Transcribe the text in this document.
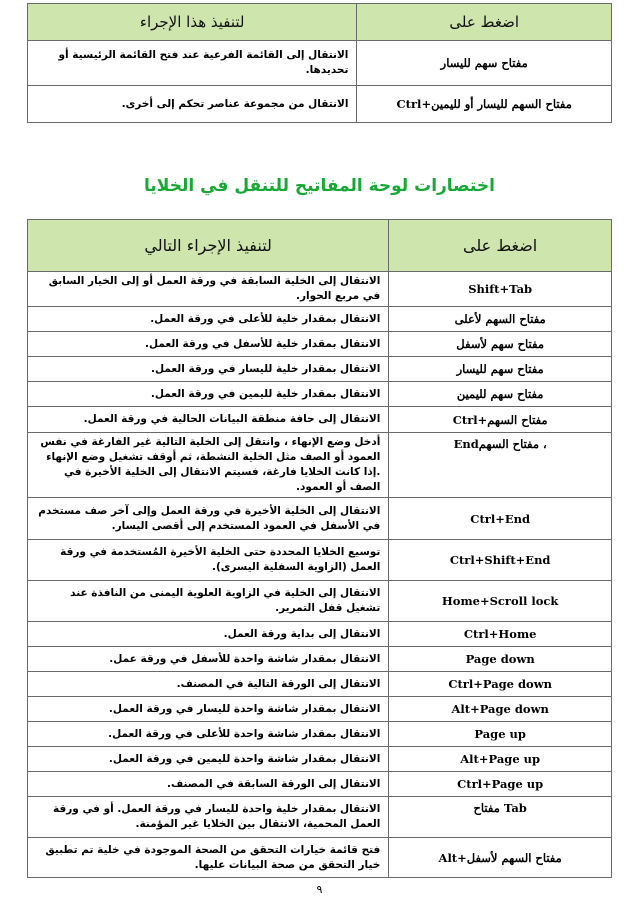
اضغط على	لتنفيذ هذا الإجراء
مفتاح سهم لليسار	الانتقال إلى القائمة الفرعية عند فتح القائمة الرئيسية أو تحديدها.
مفتاح السهم لليسار أو لليمين+Ctrl	الانتقال من مجموعة عناصر تحكم إلى أخرى.
اختصارات لوحة المفاتيح للتنقل في الخلايا
اضغط على	لتنفيذ الإجراء التالي
Shift+Tab	الانتقال إلى الخلية السابقة في ورقة العمل أو إلى الخيار السابق في مربع الحوار.
مفتاح السهم لأعلى	الانتقال بمقدار خلية للأعلى في ورقة العمل.
مفتاح سهم لأسفل	الانتقال بمقدار خلية للأسفل في ورقة العمل.
مفتاح سهم لليسار	الانتقال بمقدار خلية لليسار في ورقة العمل.
مفتاح سهم لليمين	الانتقال بمقدار خلية لليمين في ورقة العمل.
مفتاح السهم+Ctrl	الانتقال إلى حافة منطقة البيانات الحالية في ورقة العمل.
، مفتاح السهمEnd	أدخل وضع الإنهاء ، وانتقل إلى الخلية التالية غير الفارغة في نفس العمود أو الصف مثل الخلية النشطة، ثم أوقف تشغيل وضع الإنهاء .إذا كانت الخلايا فارغة، فسيتم الانتقال إلى الخلية الأخيرة في الصف أو العمود.
Ctrl+End	الانتقال إلى الخلية الأخيرة في ورقة العمل وإلى آخر صف مستخدم في الأسفل في العمود المستخدم إلى أقصى اليسار.
Ctrl+Shift+End	توسيع الخلايا المحددة حتى الخلية الأخيرة المُستخدمة في ورقة العمل (الزاوية السفلية اليسرى).
Home+Scroll lock	الانتقال إلى الخلية في الزاوية العلوية اليمنى من النافذة عند تشغيل قفل التمرير.
Ctrl+Home	الانتقال إلى بداية ورقة العمل.
Page down	الانتقال بمقدار شاشة واحدة للأسفل في ورقة عمل.
Ctrl+Page down	الانتقال إلى الورقة التالية في المصنف.
Alt+Page down	الانتقال بمقدار شاشة واحدة لليسار في ورقة العمل.
Page up	الانتقال بمقدار شاشة واحدة للأعلى في ورقة العمل.
Alt+Page up	الانتقال بمقدار شاشة واحدة لليمين في ورقة العمل.
Ctrl+Page up	الانتقال إلى الورقة السابقة في المصنف.
Tab مفتاح	الانتقال بمقدار خلية واحدة لليسار في ورقة العمل. أو في ورقة العمل المحمية، الانتقال بين الخلايا غير المؤمنة.
مفتاح السهم لأسفل+Alt	فتح قائمة خيارات التحقق من الصحة الموجودة في خلية تم تطبيق خيار التحقق من صحة البيانات عليها.
٩
